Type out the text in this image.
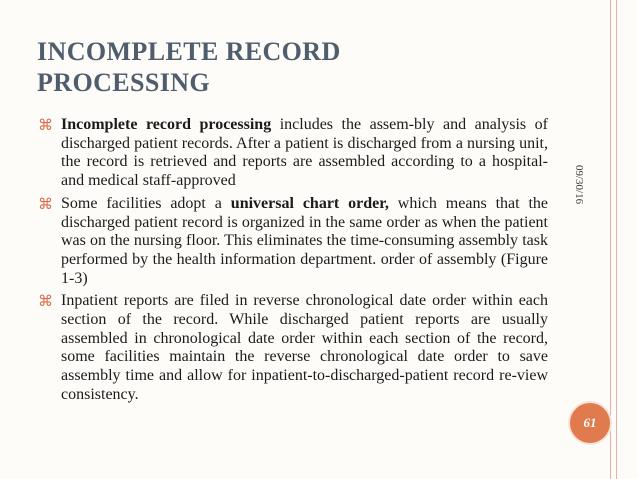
INCOMPLETE RECORD
PROCESSING
⌘ Incomplete record processing includes the assem-bly and analysis of discharged patient records. After a patient is discharged from a nursing unit, the record is retrieved and reports are assembled according to a hospital- and medical staff-approved
⌘ Some facilities adopt a universal chart order, which means that the discharged patient record is organized in the same order as when the patient was on the nursing floor. This eliminates the time-consuming assembly task performed by the health information department. order of assembly (Figure 1-3)
⌘ Inpatient reports are filed in reverse chronological date order within each section of the record. While discharged patient reports are usually assembled in chronological date order within each section of the record, some facilities maintain the reverse chronological date order to save assembly time and allow for inpatient-to-discharged-patient record re-view consistency.
09/30/16
61
